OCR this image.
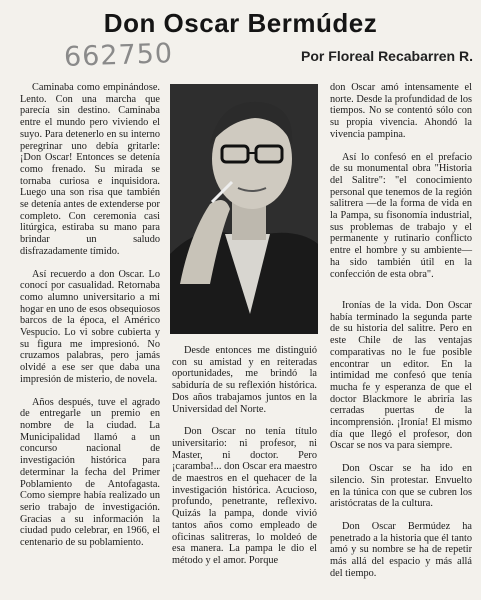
Don Oscar Bermúdez
662750	Por Floreal Recabarren R.

Caminaba como empinándose. Lento. Con una marcha que parecía sin destino. Caminaba entre el mundo pero viviendo el suyo. Para detenerlo en su interno peregrinar uno debía gritarle: ¡Don Oscar! Entonces se detenía como frenado. Su mirada se tornaba curiosa e inquisidora. Luego una son risa que también se detenía antes de extenderse por completo. Con ceremonia casi litúrgica, estiraba su mano para brindar un saludo disfrazadamente tímido.

Así recuerdo a don Oscar. Lo conocí por casualidad. Retornaba como alumno universitario a mi hogar en uno de esos obsequiosos barcos de la época, el Américo Vespucio. Lo vi sobre cubierta y su figura me impresionó. No cruzamos palabras, pero jamás olvidé a ese ser que daba una impresión de misterio, de novela.

Años después, tuve el agrado de entregarle un premio en nombre de la ciudad. La Municipalidad llamó a un concurso nacional de investigación histórica para determinar la fecha del Primer Poblamiento de Antofagasta. Como siempre había realizado un serio trabajo de investigación. Gracias a su información la ciudad pudo celebrar, en 1966, el centenario de su poblamiento.

Desde entonces me distinguió con su amistad y en reiteradas oportunidades, me brindó la sabiduría de su reflexión histórica. Dos años trabajamos juntos en la Universidad del Norte.

Don Oscar no tenía título universitario: ni profesor, ni Master, ni doctor. Pero ¡caramba!... don Oscar era maestro de maestros en el quehacer de la investigación histórica. Acucioso, profundo, penetrante, reflexivo. Quizás la pampa, donde vivió tantos años como empleado de oficinas salitreras, lo moldeó de esa manera. La pampa le dio el método y el amor. Porque

don Oscar amó intensamente el norte. Desde la profundidad de los tiempos. No se contentó sólo con su propia vivencia. Ahondó la vivencia pampina.

Así lo confesó en el prefacio de su monumental obra "Historia del Salitre": "el conocimiento personal que tenemos de la región salitrera —de la forma de vida en la Pampa, su fisonomía industrial, sus problemas de trabajo y el permanente y rutinario conflicto entre el hombre y su ambiente— ha sido también útil en la confección de esta obra".

Ironías de la vida. Don Oscar había terminado la segunda parte de su historia del salitre. Pero en este Chile de las ventajas comparativas no le fue posible encontrar un editor. En la intimidad me confesó que tenía mucha fe y esperanza de que el doctor Blackmore le abriría las cerradas puertas de la incomprensión. ¡Ironía! El mismo día que llegó el profesor, don Oscar se nos va para siempre.

Don Oscar se ha ido en silencio. Sin protestar. Envuelto en la túnica con que se cubren los aristócratas de la cultura.

Don Oscar Bermúdez ha penetrado a la historia que él tanto amó y su nombre se ha de repetir más allá del espacio y más allá del tiempo.
